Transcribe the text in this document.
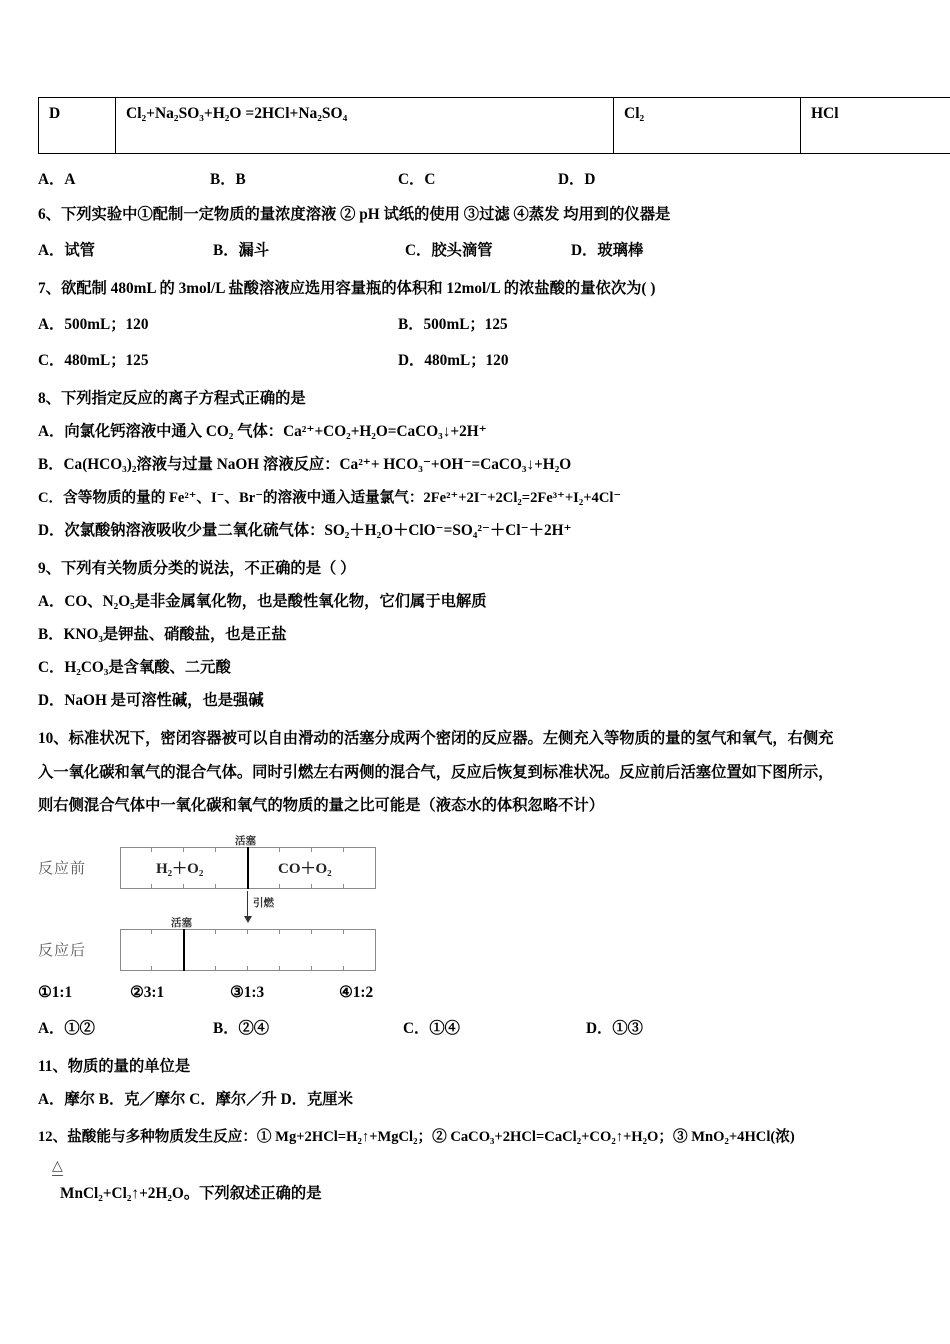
D	Cl₂+Na₂SO₃+H₂O =2HCl+Na₂SO₄	Cl₂	HCl
A．A	B．B	C．C	D．D
6、下列实验中①配制一定物质的量浓度溶液 ② pH 试纸的使用 ③过滤 ④蒸发 均用到的仪器是
A．试管	B．漏斗	C．胶头滴管	D．玻璃棒
7、欲配制 480mL 的 3mol/L 盐酸溶液应选用容量瓶的体积和 12mol/L 的浓盐酸的量依次为( )
A．500mL；120	B．500mL；125
C．480mL；125	D．480mL；120
8、下列指定反应的离子方程式正确的是
A．向氯化钙溶液中通入 CO₂ 气体：Ca²⁺+CO₂+H₂O=CaCO₃↓+2H⁺
B．Ca(HCO₃)₂溶液与过量 NaOH 溶液反应：Ca²⁺+ HCO₃⁻+OH⁻=CaCO₃↓+H₂O
C．含等物质的量的 Fe²⁺、I⁻、Br⁻的溶液中通入适量氯气：2Fe²⁺+2I⁻+2Cl₂=2Fe³⁺+I₂+4Cl⁻
D．次氯酸钠溶液吸收少量二氧化硫气体：SO₂＋H₂O＋ClO⁻=SO₄²⁻＋Cl⁻＋2H⁺
9、下列有关物质分类的说法，不正确的是（ ）
A．CO、N₂O₅是非金属氧化物，也是酸性氧化物，它们属于电解质
B．KNO₃是钾盐、硝酸盐，也是正盐
C．H₂CO₃是含氧酸、二元酸
D．NaOH 是可溶性碱，也是强碱
10、标准状况下，密闭容器被可以自由滑动的活塞分成两个密闭的反应器。左侧充入等物质的量的氢气和氧气，右侧充
入一氧化碳和氧气的混合气体。同时引燃左右两侧的混合气，反应后恢复到标准状况。反应前后活塞位置如下图所示，
则右侧混合气体中一氧化碳和氧气的物质的量之比可能是（液态水的体积忽略不计）
反应前
反应后
活塞
H₂＋O₂	CO＋O₂
引燃
活塞
①1:1	②3:1	③1:3	④1:2
A．①②	B．②④	C．①④	D．①③
11、物质的量的单位是
A．摩尔 B．克／摩尔 C．摩尔／升 D．克厘米
12、盐酸能与多种物质发生反应：① Mg+2HCl=H₂↑+MgCl₂；② CaCO₃+2HCl=CaCl₂+CO₂↑+H₂O；③ MnO₂+4HCl(浓)
△
MnCl₂+Cl₂↑+2H₂O。下列叙述正确的是
